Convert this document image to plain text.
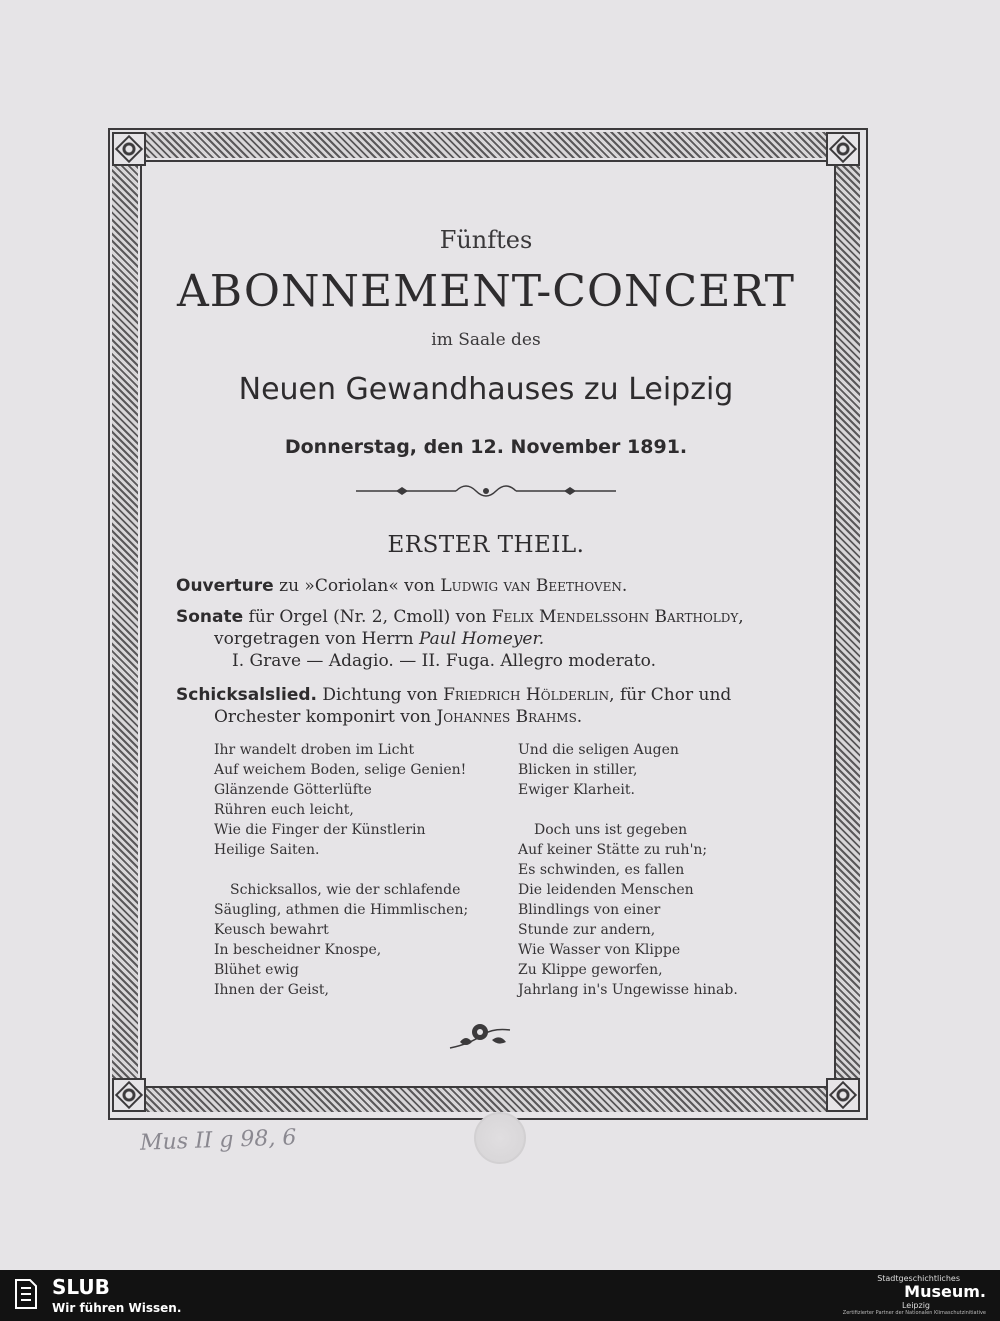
Fünftes
ABONNEMENT-CONCERT
im Saale des
Neuen Gewandhauses zu Leipzig
Donnerstag, den 12. November 1891.
ERSTER THEIL.
Ouverture zu »Coriolan« von Ludwig van Beethoven.
Sonate für Orgel (Nr. 2, Cmoll) von Felix Mendelssohn Bartholdy,
vorgetragen von Herrn Paul Homeyer.
I. Grave — Adagio. — II. Fuga. Allegro moderato.
Schicksalslied. Dichtung von Friedrich Hölderlin, für Chor und
Orchester komponirt von Johannes Brahms.
Ihr wandelt droben im Licht
Auf weichem Boden, selige Genien!
Glänzende Götterlüfte
Rühren euch leicht,
Wie die Finger der Künstlerin
Heilige Saiten.
Schicksallos, wie der schlafende
Säugling, athmen die Himmlischen;
Keusch bewahrt
In bescheidner Knospe,
Blühet ewig
Ihnen der Geist,
Und die seligen Augen
Blicken in stiller,
Ewiger Klarheit.
Doch uns ist gegeben
Auf keiner Stätte zu ruh'n;
Es schwinden, es fallen
Die leidenden Menschen
Blindlings von einer
Stunde zur andern,
Wie Wasser von Klippe
Zu Klippe geworfen,
Jahrlang in's Ungewisse hinab.
Mus II g 98, 6
SLUB
Wir führen Wissen.
Stadtgeschichtliches
Museum.
Leipzig
Zertifizierter Partner der Nationalen Klimaschutzinitiative
